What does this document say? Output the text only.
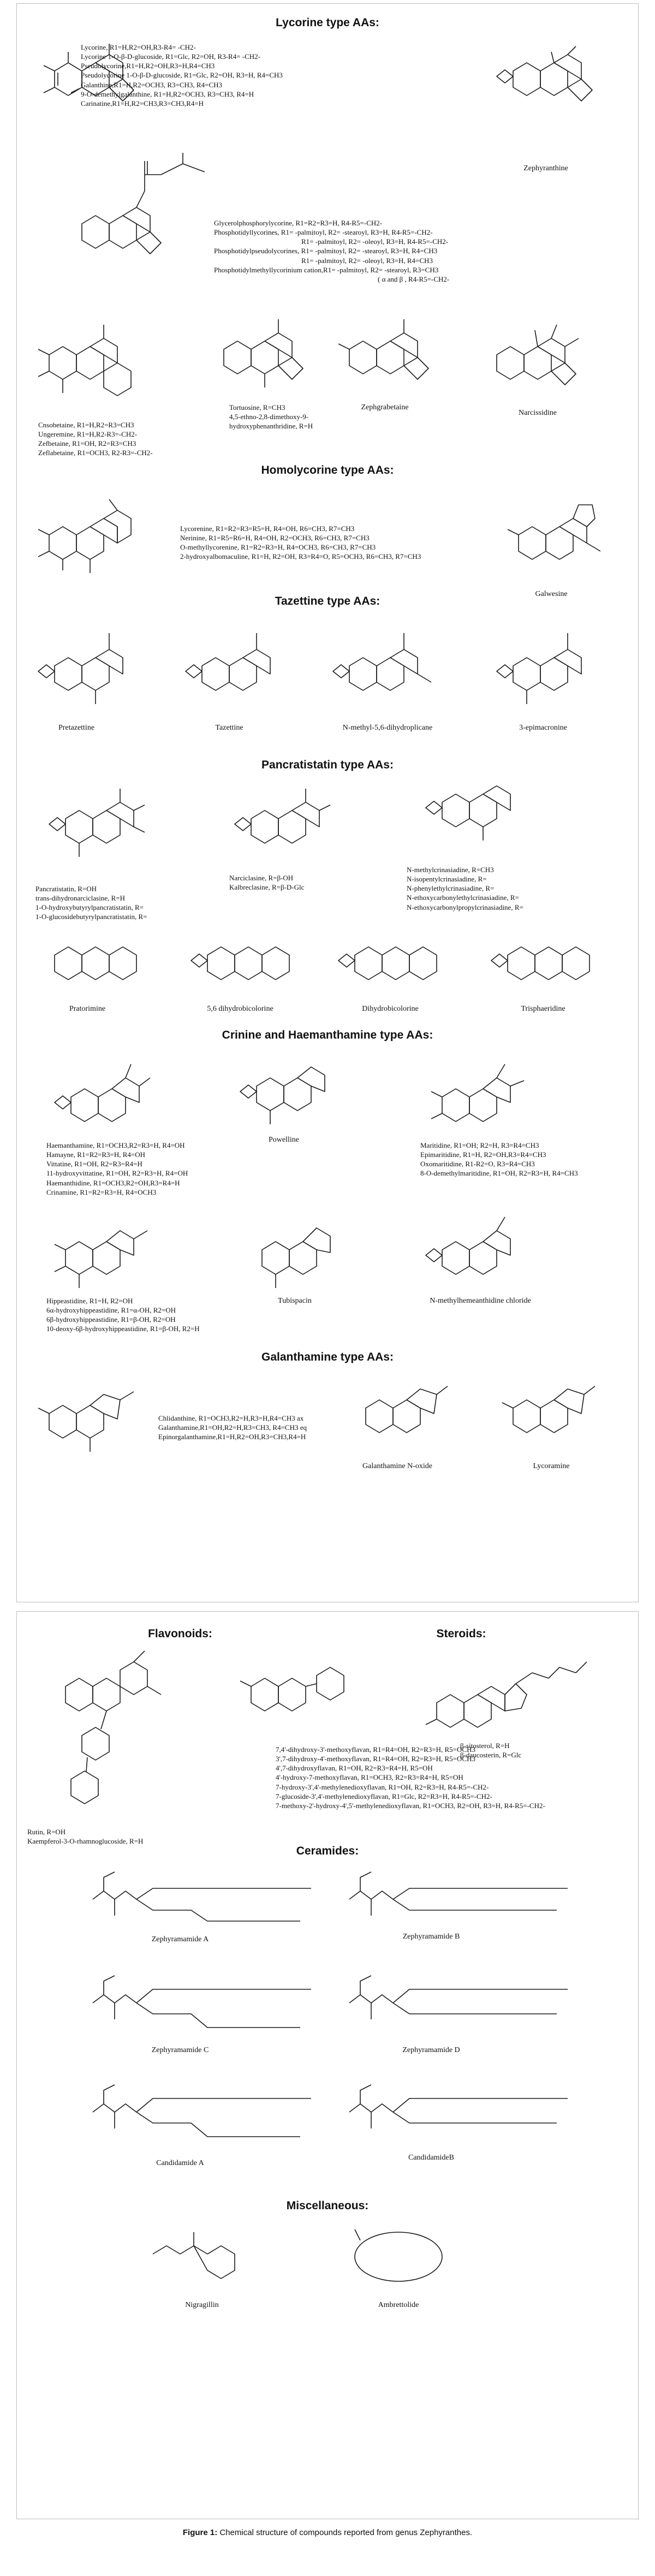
Lycorine type AAs:
Lycorine, R1=H,R2=OH,R3-R4= -CH2-
Lycorine 1-O-β-D-glucoside, R1=Glc, R2=OH, R3-R4= -CH2-
Pseudolycorine,R1=H,R2=OH,R3=H,R4=CH3
Pseudolycorine 1-O-β-D-glucoside, R1=Glc, R2=OH, R3=H, R4=CH3
Galanthine,R1=H,R2=OCH3, R3=CH3, R4=CH3
9-O-demethylgalanthine, R1=H,R2=OCH3, R3=CH3, R4=H
Carinatine,R1=H,R2=CH3,R3=CH3,R4=H
Zephyranthine
Glycerolphosphorylycorine, R1=R2=R3=H, R4-R5=-CH2-
Phosphotidyllycorines, R1= -palmitoyl, R2= -stearoyl, R3=H, R4-R5=-CH2-
R1= -palmitoyl, R2= -oleoyl, R3=H, R4-R5=-CH2-
Phosphotidylpseudolycorines, R1= -palmitoyl, R2= -stearoyl, R3=H, R4=CH3
R1= -palmitoyl, R2= -oleoyl, R3=H, R4=CH3
Phosphotidylmethyllycorinium cation,R1= -palmitoyl, R2= -stearoyl, R3=CH3
( α and β , R4-R5=-CH2-
Cnsobetaine, R1=H,R2=R3=CH3
Ungeremine, R1=H,R2-R3=-CH2-
Zefbetaine, R1=OH, R2=R3=CH3
Zeflabetaine, R1=OCH3, R2-R3=-CH2-
Tortuosine, R=CH3
4,5-ethno-2,8-dimethoxy-9-
hydroxyphenanthridine, R=H
Zephgrabetaine
Narcissidine
Homolycorine type AAs:
Lycorenine, R1=R2=R3=R5=H, R4=OH, R6=CH3, R7=CH3
Nerinine, R1=R5=R6=H, R4=OH, R2=OCH3, R6=CH3, R7=CH3
O-methyllycorenine, R1=R2=R3=H, R4=OCH3, R6=CH3, R7=CH3
2-hydroxyalbomaculine, R1=H, R2=OH, R3=R4=O, R5=OCH3, R6=CH3, R7=CH3
Galwesine
Tazettine type AAs:
Pretazettine	Tazettine	N-methyl-5,6-dihydroplicane	3-epimacronine
Pancratistatin type AAs:
Pancratistatin, R=OH
trans-dihydronarciclasine, R=H
1-O-hydroxybutyrylpancratistatin, R=
1-O-glucosidebutyrylpancratistatin, R=
Narciclasine, R=β-OH
Kalbreclasine, R=β-D-Glc
N-methylcrinasiadine, R=CH3
N-isopentylcrinasiadine, R=
N-phenylethylcrinasiadine, R=
N-ethoxycarbonylethylcrinasiadine, R=
N-ethoxycarbonylpropylcrinasiadine, R=
Pratorimine	5,6 dihydrobicolorine	Dihydrobicolorine	Trisphaeridine
Crinine and Haemanthamine type AAs:
Haemanthamine, R1=OCH3,R2=R3=H, R4=OH
Hamayne, R1=R2=R3=H, R4=OH
Vittatine, R1=OH, R2=R3=R4=H
11-hydroxyvittatine, R1=OH, R2=R3=H, R4=OH
Haemanthidine, R1=OCH3,R2=OH,R3=R4=H
Crinamine, R1=R2=R3=H, R4=OCH3
Powelline
Maritidine, R1=OH; R2=H, R3=R4=CH3
Epimaritidine, R1=H, R2=OH,R3=R4=CH3
Oxomaritidine, R1-R2=O, R3=R4=CH3
8-O-demethylmaritidine, R1=OH, R2=R3=H, R4=CH3
Hippeastidine, R1=H, R2=OH
6α-hydroxyhippeastidine, R1=α-OH, R2=OH
6β-hydroxyhippeastidine, R1=β-OH, R2=OH
10-deoxy-6β-hydroxyhippeastidine, R1=β-OH, R2=H
Tubispacin	N-methylhemeanthidine chloride
Galanthamine type AAs:
Chlidanthine, R1=OCH3,R2=H,R3=H,R4=CH3 ax
Galanthamine,R1=OH,R2=H,R3=CH3, R4=CH3 eq
Epinorgalanthamine,R1=H,R2=OH,R3=CH3,R4=H
Galanthamine N-oxide	Lycoramine
Flavonoids:	Steroids:
β-sitosterol, R=H
β-daucosterin, R=Glc
7,4'-dihydroxy-3'-methoxyflavan, R1=R4=OH, R2=R3=H, R5=OCH3
3',7-dihydroxy-4'-methoxyflavan, R1=R4=OH, R2=R3=H, R5=OCH3
4',7-dihydroxyflavan, R1=OH, R2=R3=R4=H, R5=OH
4'-hydroxy-7-methoxyflavan, R1=OCH3, R2=R3=R4=H, R5=OH
7-hydroxy-3',4'-methylenedioxyflavan, R1=OH, R2=R3=H, R4-R5=-CH2-
7-glucoside-3',4'-methylenedioxyflavan, R1=Glc, R2=R3=H, R4-R5=-CH2-
7-methoxy-2'-hydroxy-4',5'-methylenedioxyflavan, R1=OCH3, R2=OH, R3=H, R4-R5=-CH2-
Rutin, R=OH
Kaempferol-3-O-rhamnoglucoside, R=H
Ceramides:
Zephyramamide A	Zephyramamide B
Zephyramamide C	Zephyramamide D
Candidamide A
CandidamideB
Miscellaneous:
Nigragillin	Ambrettolide
Figure 1: Chemical structure of compounds reported from genus Zephyranthes.
